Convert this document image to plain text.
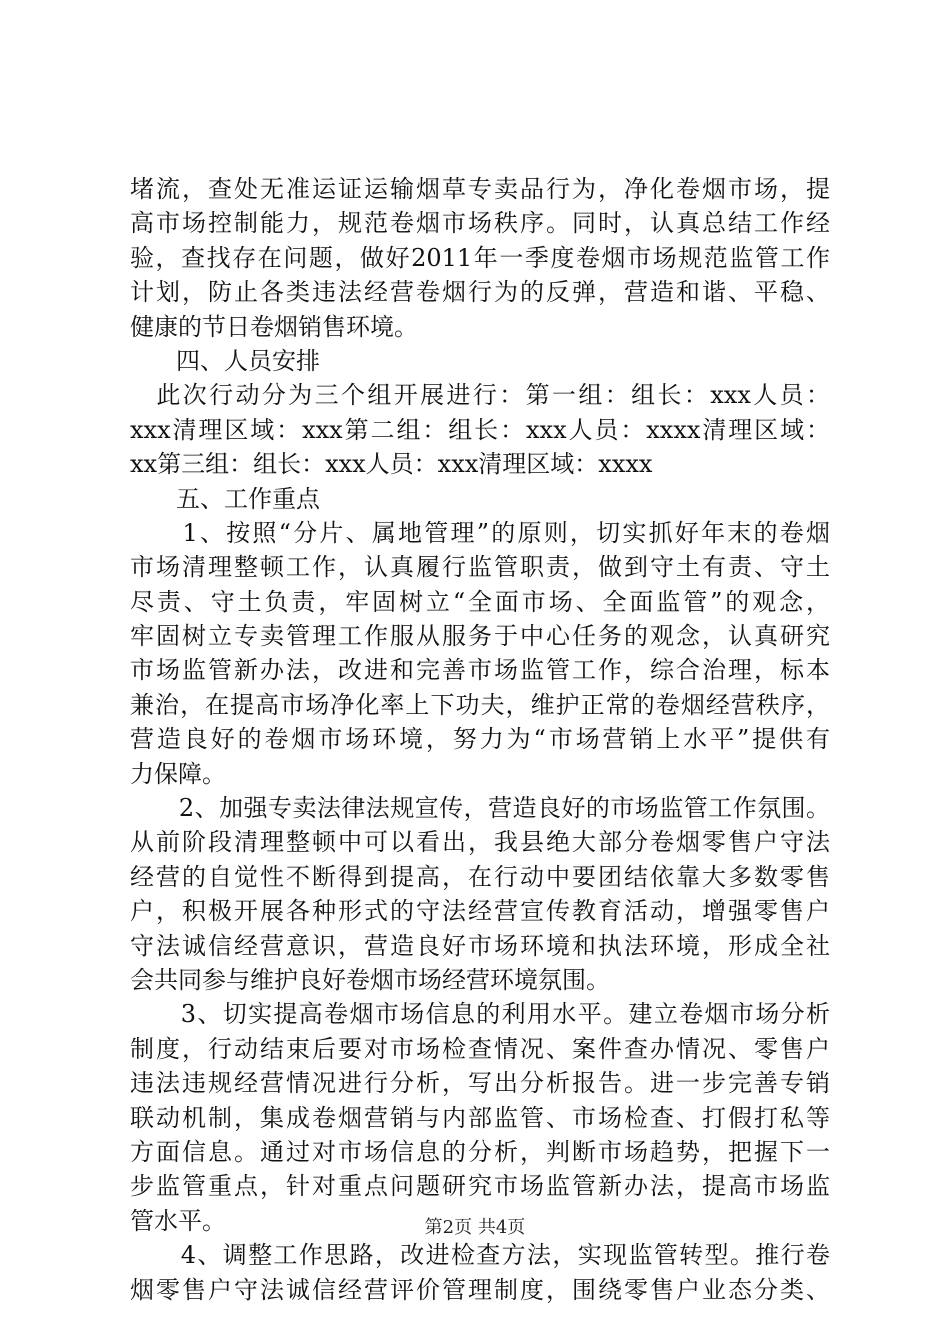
堵流，查处无准运证运输烟草专卖品行为，净化卷烟市场，提
高市场控制能力，规范卷烟市场秩序。同时，认真总结工作经
验，查找存在问题，做好2011年一季度卷烟市场规范监管工作
计划，防止各类违法经营卷烟行为的反弹，营造和谐、平稳、
健康的节日卷烟销售环境。
四、人员安排
　此次行动分为三个组开展进行：第一组：组长：xxx人员：
xxx清理区域：xxx第二组：组长：xxx人员：xxxx清理区域：
xx第三组：组长：xxx人员：xxx清理区域：xxxx
五、工作重点
　　1、按照“分片、属地管理”的原则，切实抓好年末的卷烟
市场清理整顿工作，认真履行监管职责，做到守土有责、守土
尽责、守土负责，牢固树立“全面市场、全面监管”的观念，
牢固树立专卖管理工作服从服务于中心任务的观念，认真研究
市场监管新办法，改进和完善市场监管工作，综合治理，标本
兼治，在提高市场净化率上下功夫，维护正常的卷烟经营秩序，
营造良好的卷烟市场环境，努力为“市场营销上水平”提供有
力保障。
　　2、加强专卖法律法规宣传，营造良好的市场监管工作氛围。
从前阶段清理整顿中可以看出，我县绝大部分卷烟零售户守法
经营的自觉性不断得到提高，在行动中要团结依靠大多数零售
户，积极开展各种形式的守法经营宣传教育活动，增强零售户
守法诚信经营意识，营造良好市场环境和执法环境，形成全社
会共同参与维护良好卷烟市场经营环境氛围。
　　3、切实提高卷烟市场信息的利用水平。建立卷烟市场分析
制度，行动结束后要对市场检查情况、案件查办情况、零售户
违法违规经营情况进行分析，写出分析报告。进一步完善专销
联动机制，集成卷烟营销与内部监管、市场检查、打假打私等
方面信息。通过对市场信息的分析，判断市场趋势，把握下一
步监管重点，针对重点问题研究市场监管新办法，提高市场监
管水平。
　　4、调整工作思路，改进检查方法，实现监管转型。推行卷
烟零售户守法诚信经营评价管理制度，围绕零售户业态分类、
第2页 共4页
